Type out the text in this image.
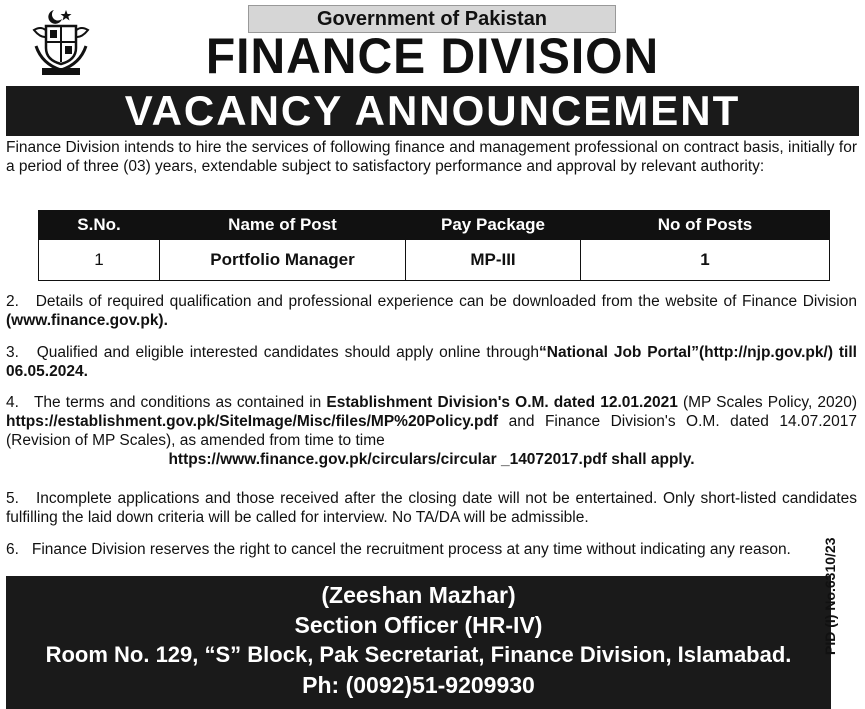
Government of Pakistan
FINANCE DIVISION
VACANCY ANNOUNCEMENT
Finance Division intends to hire the services of following finance and management professional on contract basis, initially for a period of three (03) years, extendable subject to satisfactory performance and approval by relevant authority:
S.No.	Name of Post	Pay Package	No of Posts
1	Portfolio Manager	MP-III	1
2. Details of required qualification and professional experience can be downloaded from the website of Finance Division (www.finance.gov.pk).
3. Qualified and eligible interested candidates should apply online through“National Job Portal”(http://njp.gov.pk/) till 06.05.2024.
4. The terms and conditions as contained in Establishment Division's O.M. dated 12.01.2021 (MP Scales Policy, 2020) https://establishment.gov.pk/SiteImage/Misc/files/MP%20Policy.pdf and Finance Division's O.M. dated 14.07.2017 (Revision of MP Scales), as amended from time to time
https://www.finance.gov.pk/circulars/circular _14072017.pdf shall apply.
5. Incomplete applications and those received after the closing date will not be entertained. Only short-listed candidates fulfilling the laid down criteria will be called for interview. No TA/DA will be admissible.
6. Finance Division reserves the right to cancel the recruitment process at any time without indicating any reason.
(Zeeshan Mazhar)
Section Officer (HR-IV)
Room No. 129, “S” Block, Pak Secretariat, Finance Division, Islamabad.
Ph: (0092)51-9209930
PID (I) No.6310/23
